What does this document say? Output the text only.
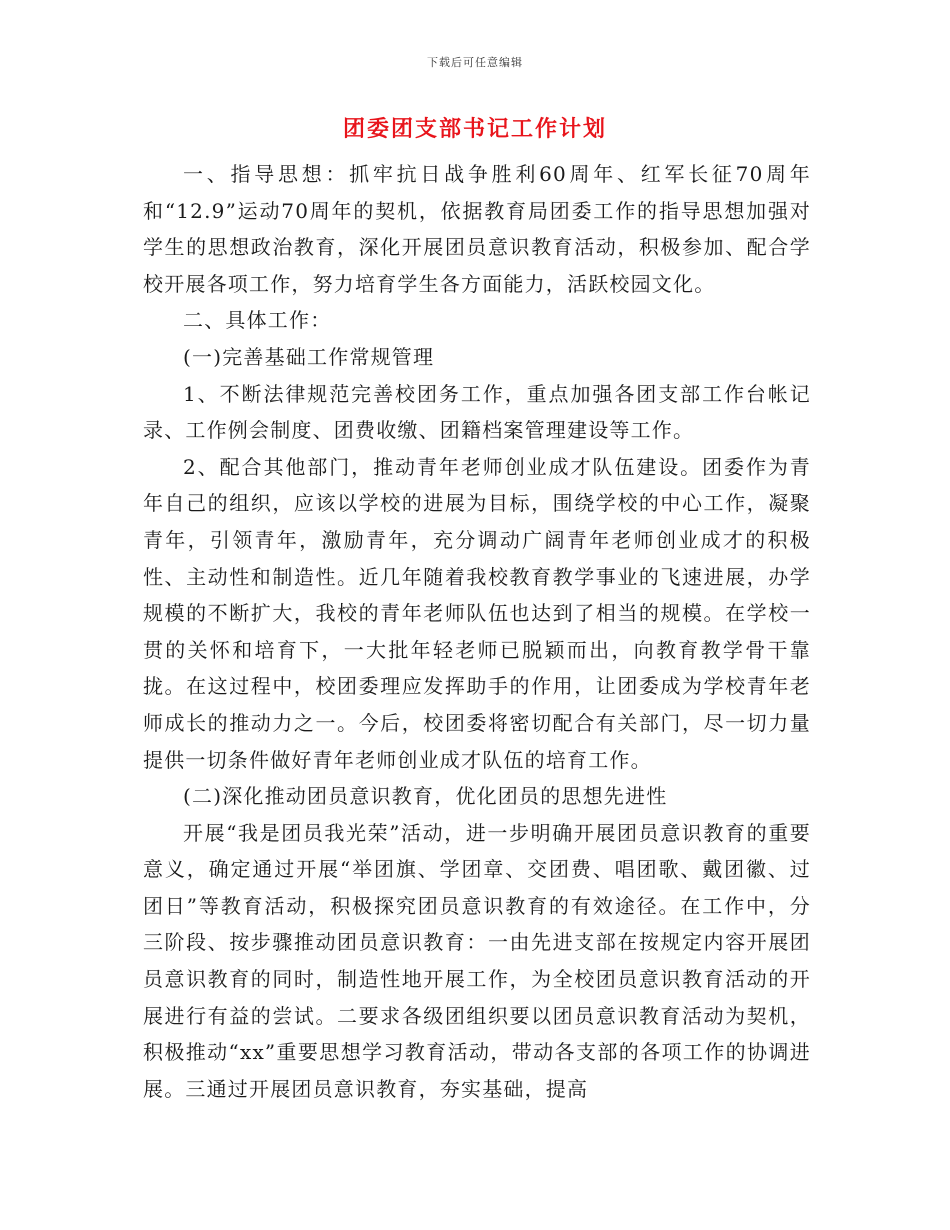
下载后可任意编辑
团委团支部书记工作计划

一、指导思想：抓牢抗日战争胜利60周年、红军长征70周年和“12.9”运动70周年的契机，依据教育局团委工作的指导思想加强对学生的思想政治教育，深化开展团员意识教育活动，积极参加、配合学校开展各项工作，努力培育学生各方面能力，活跃校园文化。

二、具体工作：

(一)完善基础工作常规管理

1、不断法律规范完善校团务工作，重点加强各团支部工作台帐记录、工作例会制度、团费收缴、团籍档案管理建设等工作。

2、配合其他部门，推动青年老师创业成才队伍建设。团委作为青年自己的组织，应该以学校的进展为目标，围绕学校的中心工作，凝聚青年，引领青年，激励青年，充分调动广阔青年老师创业成才的积极性、主动性和制造性。近几年随着我校教育教学事业的飞速进展，办学规模的不断扩大，我校的青年老师队伍也达到了相当的规模。在学校一贯的关怀和培育下，一大批年轻老师已脱颖而出，向教育教学骨干靠拢。在这过程中，校团委理应发挥助手的作用，让团委成为学校青年老师成长的推动力之一。今后，校团委将密切配合有关部门，尽一切力量提供一切条件做好青年老师创业成才队伍的培育工作。

(二)深化推动团员意识教育，优化团员的思想先进性

开展“我是团员我光荣”活动，进一步明确开展团员意识教育的重要意义，确定通过开展“举团旗、学团章、交团费、唱团歌、戴团徽、过团日”等教育活动，积极探究团员意识教育的有效途径。在工作中，分三阶段、按步骤推动团员意识教育：一由先进支部在按规定内容开展团员意识教育的同时，制造性地开展工作，为全校团员意识教育活动的开展进行有益的尝试。二要求各级团组织要以团员意识教育活动为契机，积极推动“xx”重要思想学习教育活动，带动各支部的各项工作的协调进展。三通过开展团员意识教育，夯实基础，提高
